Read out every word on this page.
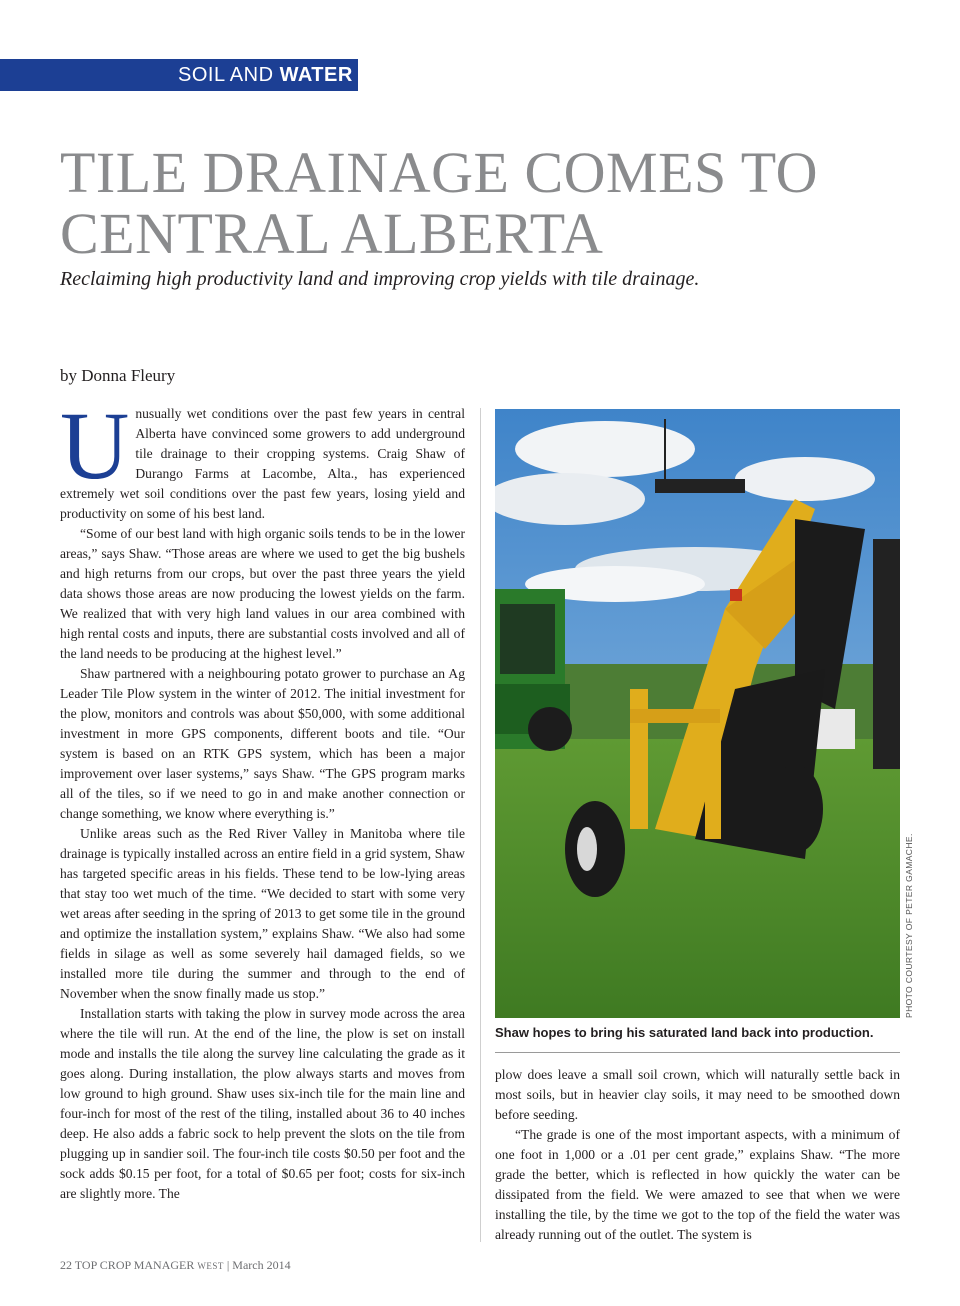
SOIL AND WATER
TILE DRAINAGE COMES TO
CENTRAL ALBERTA

Reclaiming high productivity land and improving crop yields with tile drainage.

by Donna Fleury

Unusually wet conditions over the past few years in central Alberta have convinced some growers to add underground tile drainage to their cropping systems. Craig Shaw of Durango Farms at Lacombe, Alta., has experienced extremely wet soil conditions over the past few years, losing yield and productivity on some of his best land.

“Some of our best land with high organic soils tends to be in the lower areas,” says Shaw. “Those areas are where we used to get the big bushels and high returns from our crops, but over the past three years the yield data shows those areas are now producing the lowest yields on the farm. We realized that with very high land values in our area combined with high rental costs and inputs, there are substantial costs involved and all of the land needs to be producing at the highest level.”

Shaw partnered with a neighbouring potato grower to purchase an Ag Leader Tile Plow system in the winter of 2012. The initial investment for the plow, monitors and controls was about $50,000, with some additional investment in more GPS components, different boots and tile. “Our system is based on an RTK GPS system, which has been a major improvement over laser systems,” says Shaw. “The GPS program marks all of the tiles, so if we need to go in and make another connection or change something, we know where everything is.”

Unlike areas such as the Red River Valley in Manitoba where tile drainage is typically installed across an entire field in a grid system, Shaw has targeted specific areas in his fields. These tend to be low-lying areas that stay too wet much of the time. “We decided to start with some very wet areas after seeding in the spring of 2013 to get some tile in the ground and optimize the installation system,” explains Shaw. “We also had some fields in silage as well as some severely hail damaged fields, so we installed more tile during the summer and through to the end of November when the snow finally made us stop.”

Installation starts with taking the plow in survey mode across the area where the tile will run. At the end of the line, the plow is set on install mode and installs the tile along the survey line calculating the grade as it goes along. During installation, the plow always starts and moves from low ground to high ground. Shaw uses six-inch tile for the main line and four-inch for most of the rest of the tiling, installed about 36 to 40 inches deep. He also adds a fabric sock to help prevent the slots on the tile from plugging up in sandier soil. The four-inch tile costs $0.50 per foot and the sock adds $0.15 per foot, for a total of $0.65 per foot; costs for six-inch are slightly more. The

PHOTO COURTESY OF PETER GAMACHE.
Shaw hopes to bring his saturated land back into production.

plow does leave a small soil crown, which will naturally settle back in most soils, but in heavier clay soils, it may need to be smoothed down before seeding.

“The grade is one of the most important aspects, with a minimum of one foot in 1,000 or a .01 per cent grade,” explains Shaw. “The more grade the better, which is reflected in how quickly the water can be dissipated from the field. We were amazed to see that when we were installing the tile, by the time we got to the top of the field the water was already running out of the outlet. The system is

22 TOP CROP MANAGER WEST | March 2014
